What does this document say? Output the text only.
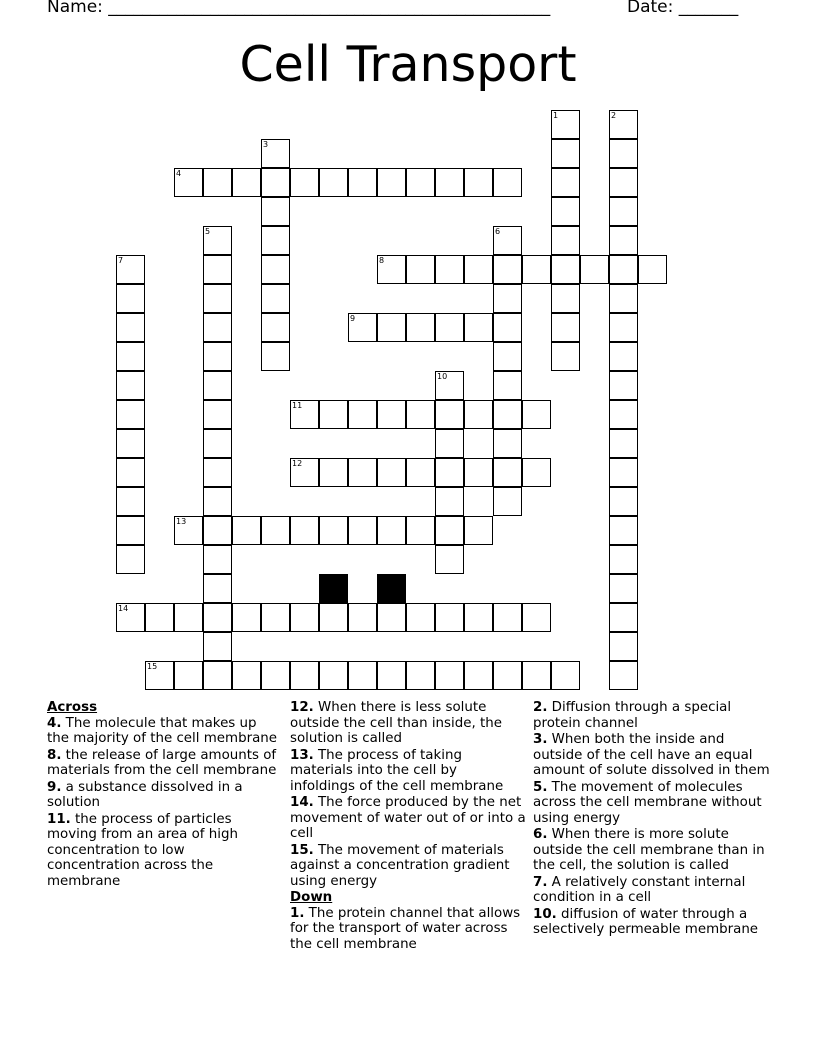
Name: ____________________________________________________	Date: _______
Cell Transport
1	2
3
4
5	6
7	8
9
10
11
12
13
14
15
Across
4. The molecule that makes up the majority of the cell membrane
8. the release of large amounts of materials from the cell membrane
9. a substance dissolved in a solution
11. the process of particles moving from an area of high concentration to low concentration across the membrane
12. When there is less solute outside the cell than inside, the solution is called
13. The process of taking materials into the cell by infoldings of the cell membrane
14. The force produced by the net movement of water out of or into a cell
15. The movement of materials against a concentration gradient using energy
Down
1. The protein channel that allows for the transport of water across the cell membrane
2. Diffusion through a special protein channel
3. When both the inside and outside of the cell have an equal amount of solute dissolved in them
5. The movement of molecules across the cell membrane without using energy
6. When there is more solute outside the cell membrane than in the cell, the solution is called
7. A relatively constant internal condition in a cell
10. diffusion of water through a selectively permeable membrane
